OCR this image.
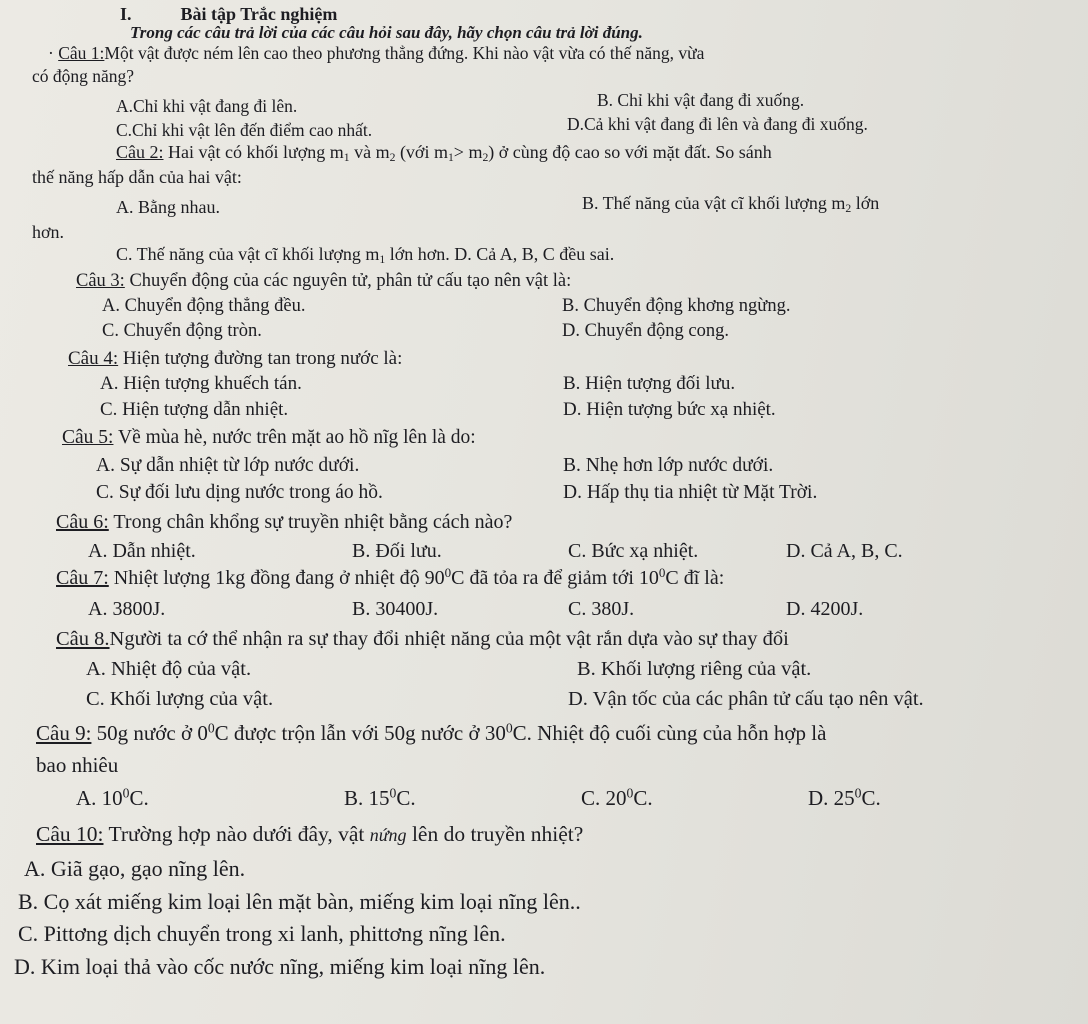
I.	Bài tập Trắc nghiệm

Trong các câu trả lời của các câu hỏi sau đây, hãy chọn câu trả lời đúng.

· Câu 1:Một vật được ném lên cao theo phương thẳng đứng. Khi nào vật vừa có thế năng, vừa

có động năng?

A.Chỉ khi vật đang đi lên.	B. Chỉ khi vật đang đi xuống.

C.Chỉ khi vật lên đến điểm cao nhất.	D.Cả khi vật đang đi lên và đang đi xuống.

Câu 2: Hai vật có khối lượng $m_1$ và $m_2$ (với $m_1> m_2$) ở cùng độ cao so với mặt đất. So sánh

thế năng hấp dẫn của hai vật:

A. Bằng nhau.	B. Thế năng của vật cĩ khối lượng $m_2$ lớn

hơn.

C. Thế năng của vật cĩ khối lượng $m_1$ lớn hơn. D. Cả A, B, C đều sai.

Câu 3: Chuyển động của các nguyên tử, phân tử cấu tạo nên vật là:

A. Chuyển động thẳng đều.	B. Chuyển động khơng ngừng.

C. Chuyển động tròn.	D. Chuyển động cong.

Câu 4: Hiện tượng đường tan trong nước là:

A. Hiện tượng khuếch tán.	B. Hiện tượng đối lưu.

C. Hiện tượng dẫn nhiệt.	D. Hiện tượng bức xạ nhiệt.

Câu 5: Về mùa hè, nước trên mặt ao hồ nĩg lên là do:

A. Sự dẫn nhiệt từ lớp nước dưới.	B. Nhẹ hơn lớp nước dưới.

C. Sự đối lưu dịng nước trong áo hồ.	D. Hấp thụ tia nhiệt từ Mặt Trời.

Câu 6: Trong chân khổng sự truyền nhiệt bằng cách nào?

A. Dẫn nhiệt.	B. Đối lưu.	C. Bức xạ nhiệt.	D. Cả A, B, C.

Câu 7: Nhiệt lượng 1kg đồng đang ở nhiệt độ $90^0C$ đã tỏa ra để giảm tới $10^0C$ đĩ là:

A. 3800J.	B. 30400J.	C. 380J.	D. 4200J.

Câu 8.Người ta cớ thể nhận ra sự thay đổi nhiệt năng của một vật rắn dựa vào sự thay đổi

A. Nhiệt độ của vật.	B. Khối lượng riêng của vật.

C. Khối lượng của vật.	D. Vận tốc của các phân tử cấu tạo nên vật.

Câu 9: 50g nước ở $0^0C$ được trộn lẫn với 50g nước ở $30^0C$. Nhiệt độ cuối cùng của hỗn hợp là

bao nhiêu

A. $10^0C$.	B. $15^0C$.	C. $20^0C$.	D. $25^0C$.

Câu 10: Trường hợp nào dưới đây, vật nứng lên do truyền nhiệt?

A. Giã gạo, gạo nĩng lên.

B. Cọ xát miếng kim loại lên mặt bàn, miếng kim loại nĩng lên..

C. Pittơng dịch chuyển trong xi lanh, phittơng nĩng lên.

D. Kim loại thả vào cốc nước nĩng, miếng kim loại nĩng lên.
